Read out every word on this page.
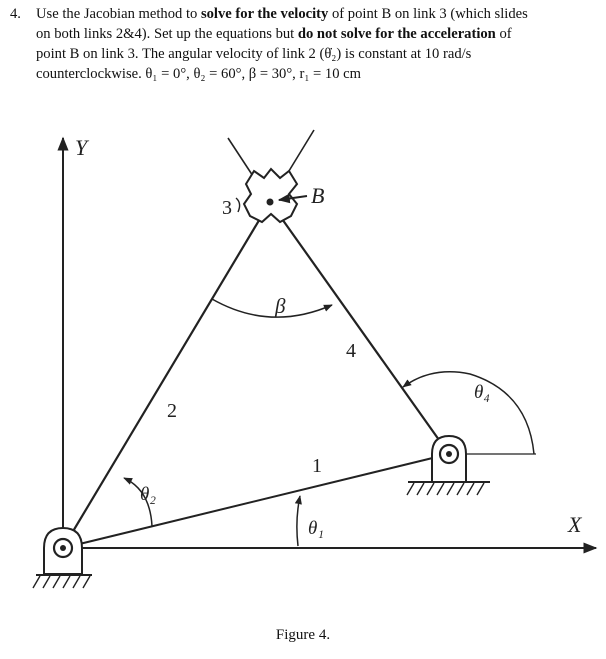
4. Use the Jacobian method to solve for the velocity of point B on link 3 (which slides
on both links 2&4). Set up the equations but do not solve for the acceleration of
point B on link 3. The angular velocity of link 2 (θ̇₂) is constant at 10 rad/s
counterclockwise. θ₁ = 0°, θ₂ = 60°, β = 30°, r₁ = 10 cm
Y
X
B
3
β
2
4
1
θ₂
θ₁
θ₄
Figure 4.
